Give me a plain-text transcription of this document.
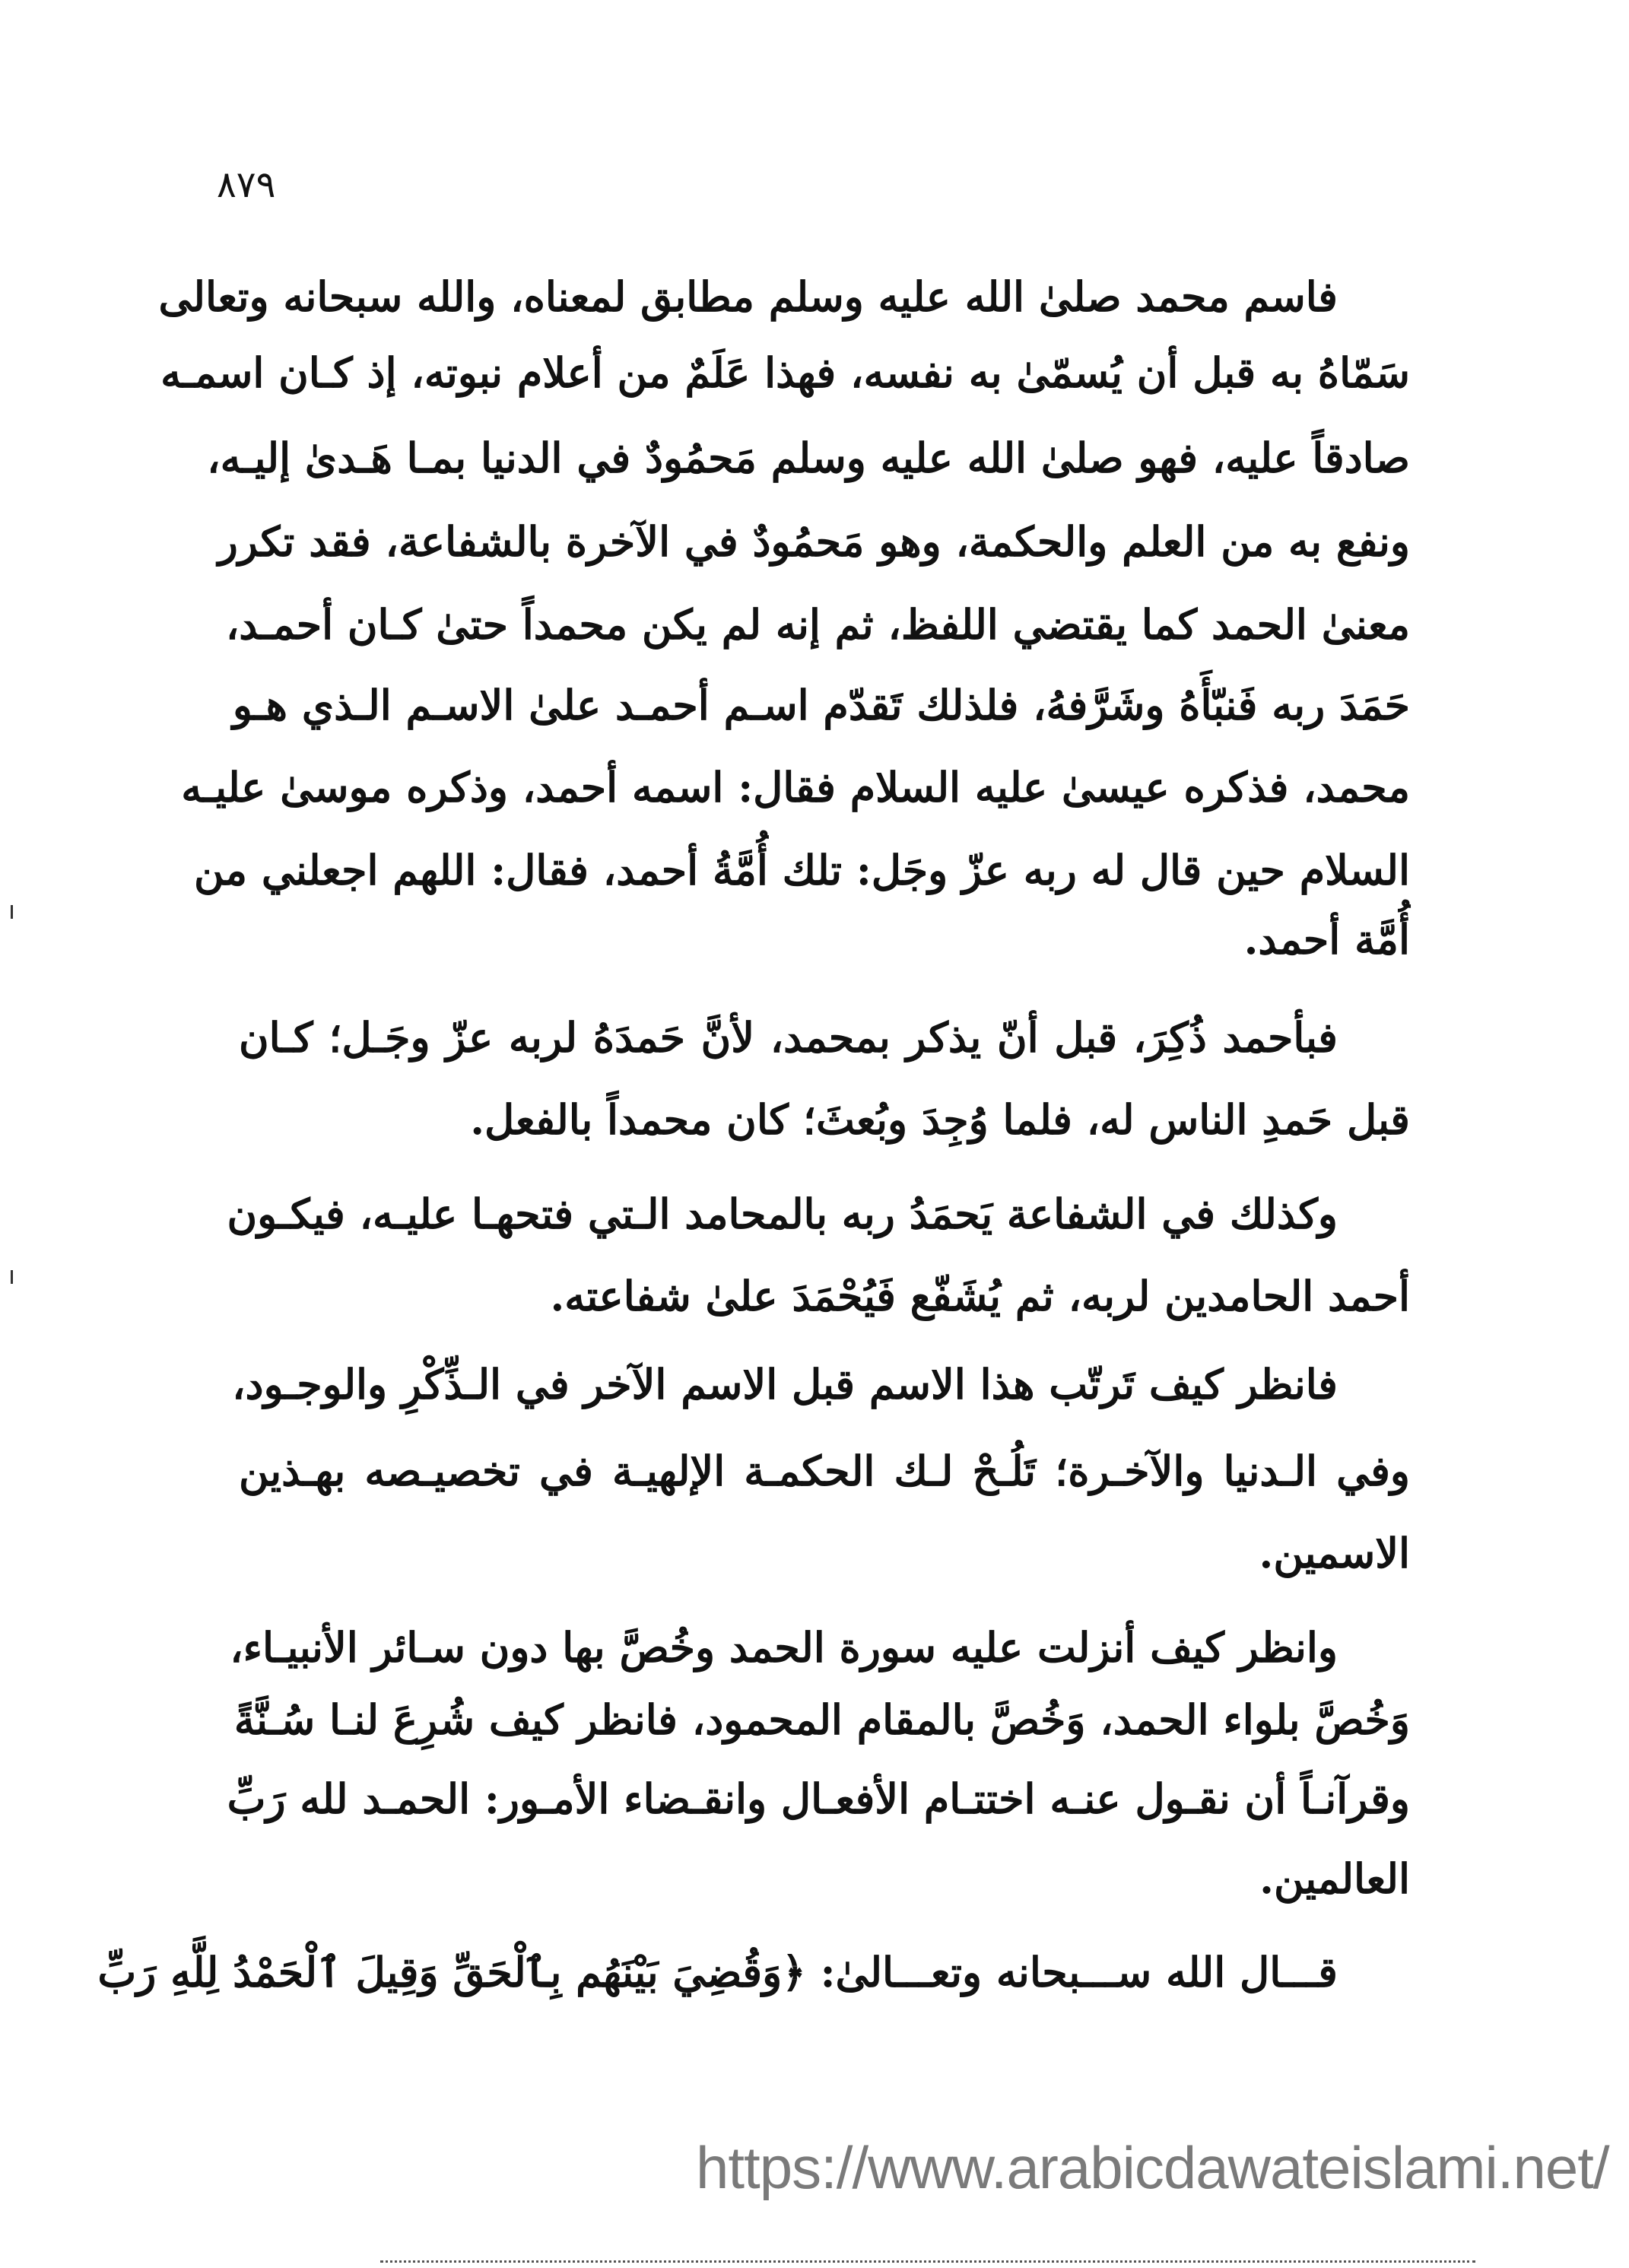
٨٧٩
فاسم محمد صلىٰ الله عليه وسلم مطابق لمعناه، والله سبحانه وتعالى
سَمّاهُ به قبل أن يُسمّىٰ به نفسه، فهذا عَلَمٌ من أعلام نبوته، إذ كـان اسمـه
صادقاً عليه، فهو صلىٰ الله عليه وسلم مَحمُودٌ في الدنيا بمـا هَـدىٰ إليـه،
ونفع به من العلم والحكمة، وهو مَحمُودٌ في الآخرة بالشفاعة، فقد تكرر
معنىٰ الحمد كما يقتضي اللفظ، ثم إنه لم يكن محمداً حتىٰ كـان أحمـد،
حَمَدَ ربه فَنبّأَهُ وشَرَّفهُ، فلذلك تَقدّم اسـم أحمـد علىٰ الاسـم الـذي هـو
محمد، فذكره عيسىٰ عليه السلام فقال: اسمه أحمد، وذكره موسىٰ عليـه
السلام حين قال له ربه عزّ وجَل: تلك أُمَّةُ أحمد، فقال: اللهم اجعلني من
أُمَّة أحمد.
فبأحمد ذُكِرَ، قبل أنّ يذكر بمحمد، لأنَّ حَمدَهُ لربه عزّ وجَـل؛ كـان
قبل حَمدِ الناس له، فلما وُجِدَ وبُعثَ؛ كان محمداً بالفعل.
وكذلك في الشفاعة يَحمَدُ ربه بالمحامد الـتي فتحهـا عليـه، فيكـون
أحمد الحامدين لربه، ثم يُشَفّع فَيُحْمَدَ علىٰ شفاعته.
فانظر كيف تَرتّب هذا الاسم قبل الاسم الآخر في الـذِّكْرِ والوجـود،
وفي الـدنيا والآخـرة؛ تَلُـحْ لـك الحكمـة الإلهيـة في تخصيـصه بهـذين
الاسمين.
وانظر كيف أنزلت عليه سورة الحمد وخُصَّ بها دون سـائر الأنبيـاء،
وَخُصَّ بلواء الحمد، وَخُصَّ بالمقام المحمود، فانظر كيف شُرِعَ لنـا سُـنَّةً
وقرآنـاً أن نقـول عنـه اختتـام الأفعـال وانقـضاء الأمـور: الحمـد لله رَبِّ
العالمين.
قـــال الله ســـبحانه وتعـــالىٰ: ﴿وَقُضِيَ بَيْنَهُم بِٱلْحَقِّ وَقِيلَ ٱلْحَمْدُ لِلَّهِ رَبِّ
https://www.arabicdawateislami.net/
